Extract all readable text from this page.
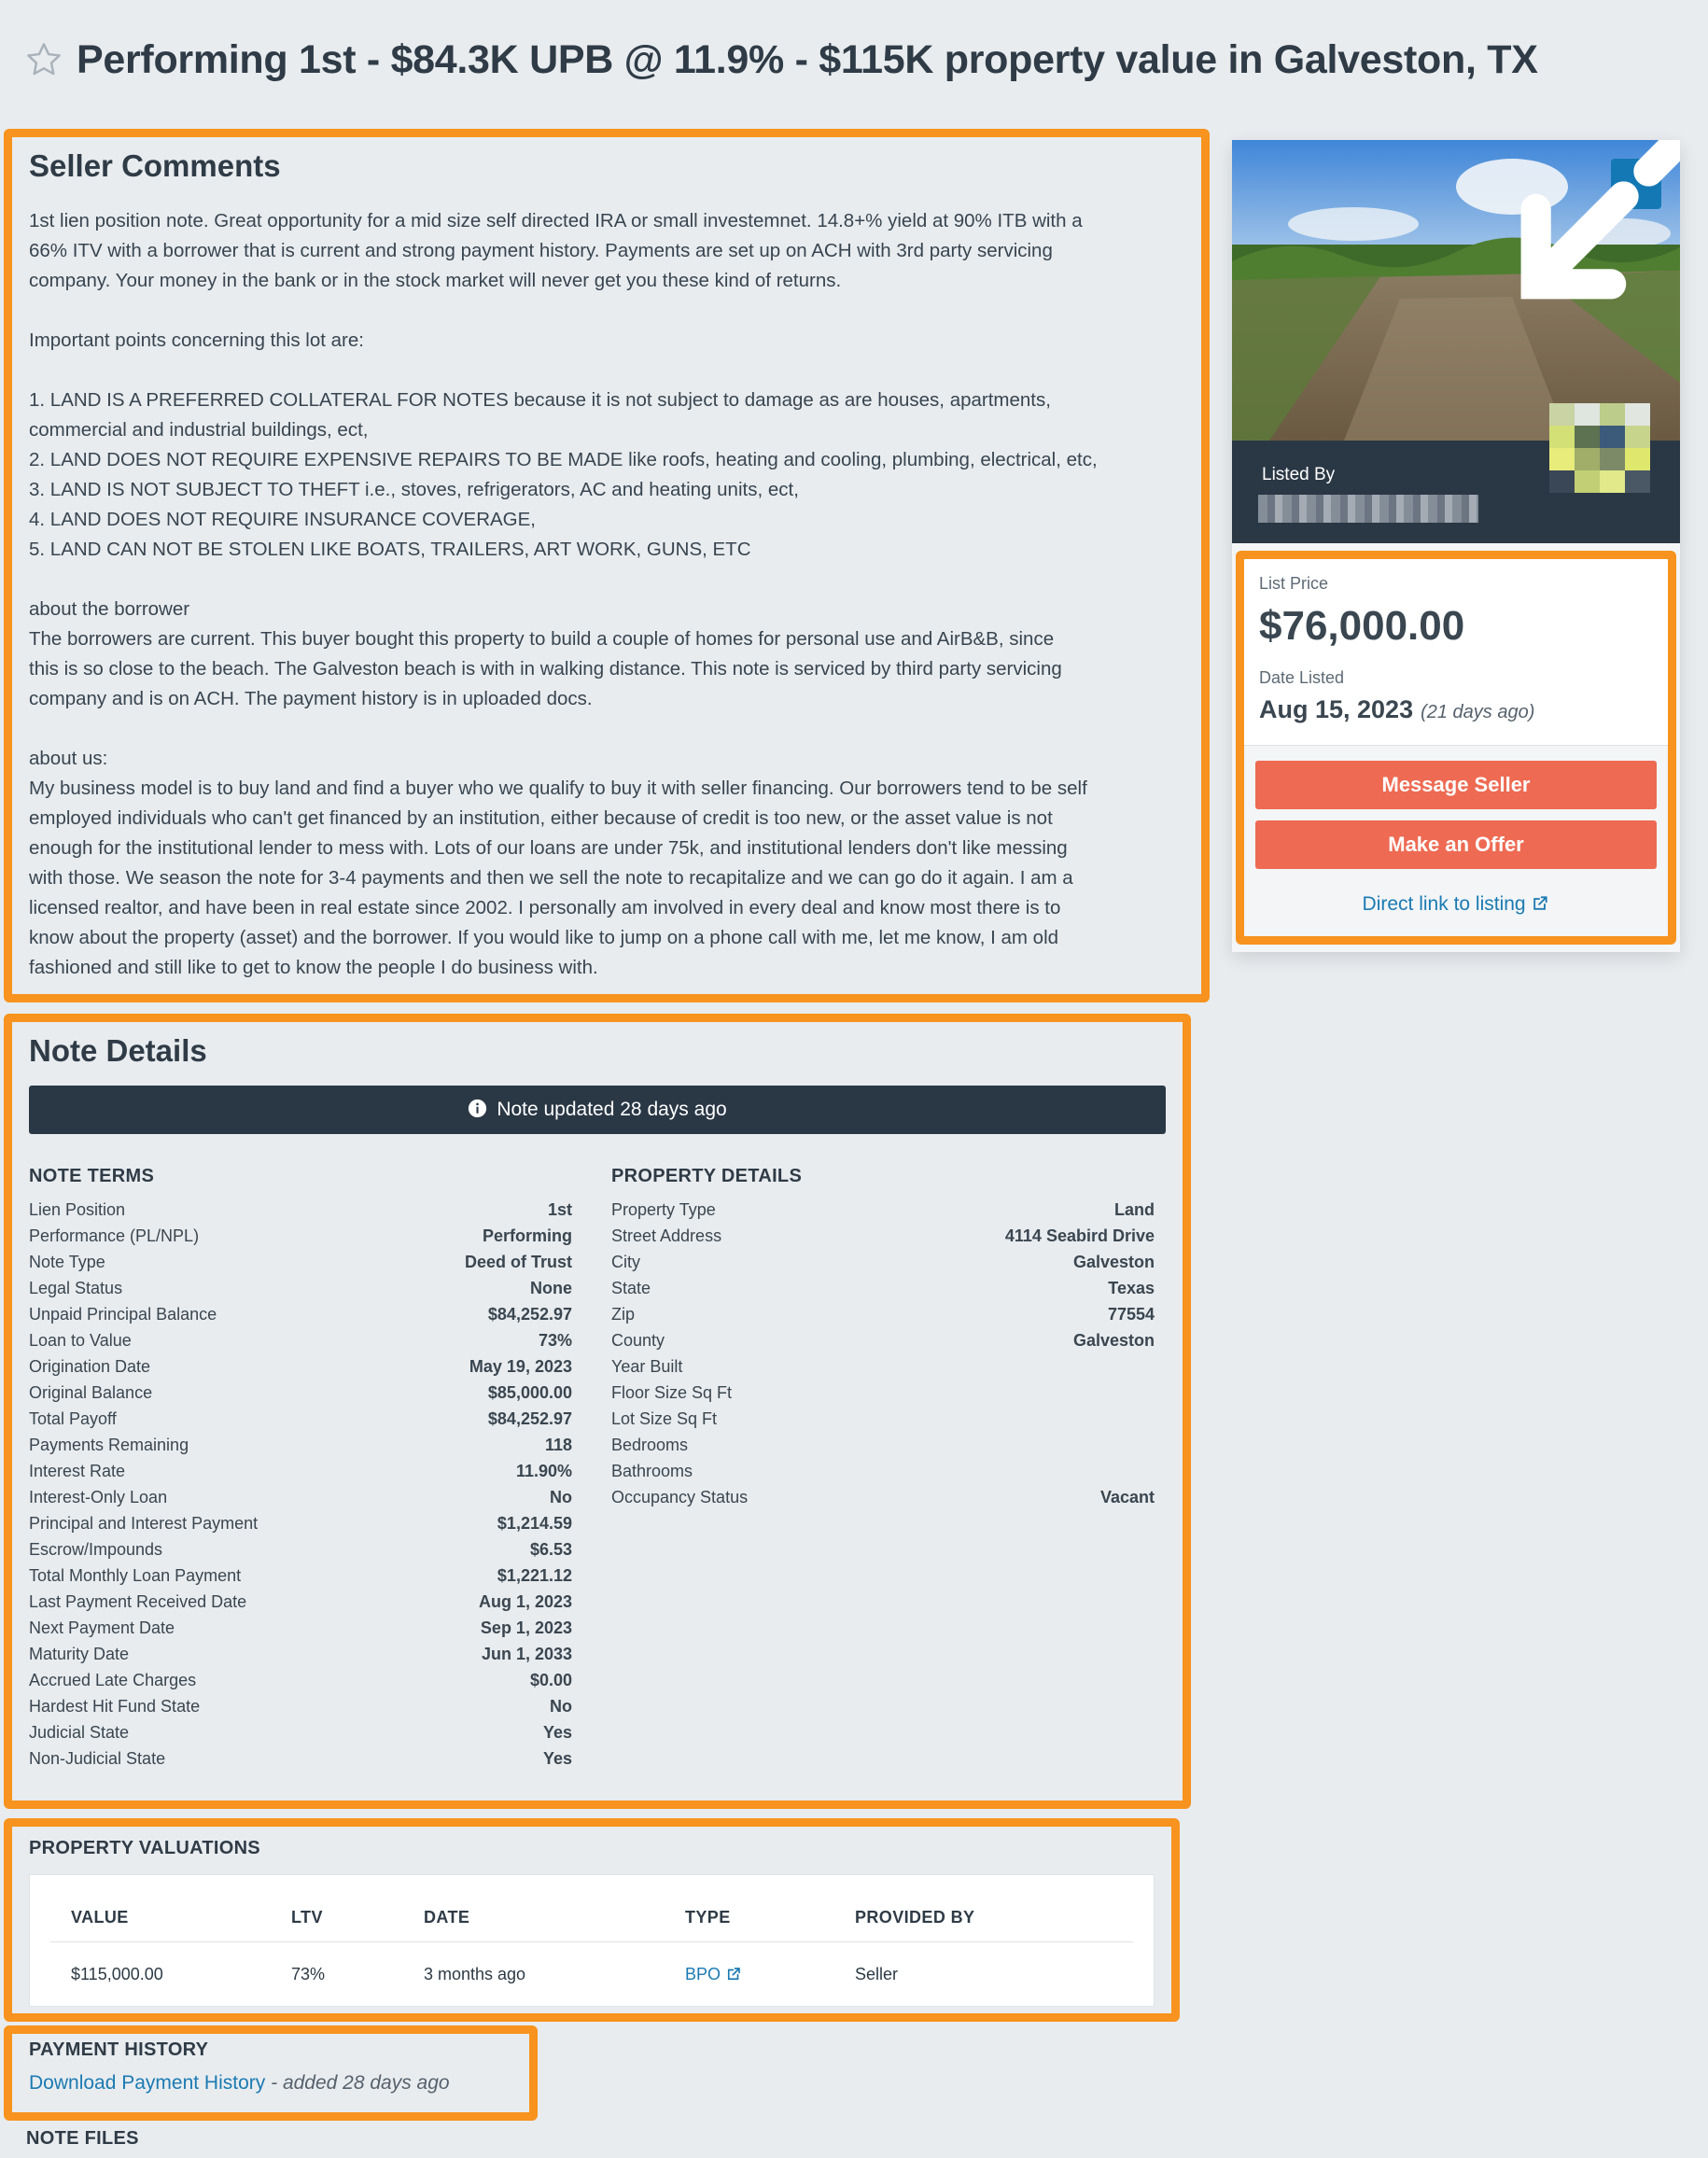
Performing 1st - $84.3K UPB @ 11.9% - $115K property value in Galveston, TX
Seller Comments
1st lien position note. Great opportunity for a mid size self directed IRA or small investemnet. 14.8+% yield at 90% ITB with a
66% ITV with a borrower that is current and strong payment history. Payments are set up on ACH with 3rd party servicing
company. Your money in the bank or in the stock market will never get you these kind of returns.

Important points concerning this lot are:

1. LAND IS A PREFERRED COLLATERAL FOR NOTES because it is not subject to damage as are houses, apartments,
commercial and industrial buildings, ect,
2. LAND DOES NOT REQUIRE EXPENSIVE REPAIRS TO BE MADE like roofs, heating and cooling, plumbing, electrical, etc,
3. LAND IS NOT SUBJECT TO THEFT i.e., stoves, refrigerators, AC and heating units, ect,
4. LAND DOES NOT REQUIRE INSURANCE COVERAGE,
5. LAND CAN NOT BE STOLEN LIKE BOATS, TRAILERS, ART WORK, GUNS, ETC

about the borrower
The borrowers are current. This buyer bought this property to build a couple of homes for personal use and AirB&B, since
this is so close to the beach. The Galveston beach is with in walking distance. This note is serviced by third party servicing
company and is on ACH. The payment history is in uploaded docs.

about us:
My business model is to buy land and find a buyer who we qualify to buy it with seller financing. Our borrowers tend to be self
employed individuals who can't get financed by an institution, either because of credit is too new, or the asset value is not
enough for the institutional lender to mess with. Lots of our loans are under 75k, and institutional lenders don't like messing
with those. We season the note for 3-4 payments and then we sell the note to recapitalize and we can go do it again. I am a
licensed realtor, and have been in real estate since 2002. I personally am involved in every deal and know most there is to
know about the property (asset) and the borrower. If you would like to jump on a phone call with me, let me know, I am old
fashioned and still like to get to know the people I do business with.
Listed By
List Price
$76,000.00
Date Listed
Aug 15, 2023 (21 days ago)
Message Seller
Make an Offer
Direct link to listing
Note Details
Note updated 28 days ago
NOTE TERMS
Lien Position	1st
Performance (PL/NPL)	Performing
Note Type	Deed of Trust
Legal Status	None
Unpaid Principal Balance	$84,252.97
Loan to Value	73%
Origination Date	May 19, 2023
Original Balance	$85,000.00
Total Payoff	$84,252.97
Payments Remaining	118
Interest Rate	11.90%
Interest-Only Loan	No
Principal and Interest Payment	$1,214.59
Escrow/Impounds	$6.53
Total Monthly Loan Payment	$1,221.12
Last Payment Received Date	Aug 1, 2023
Next Payment Date	Sep 1, 2023
Maturity Date	Jun 1, 2033
Accrued Late Charges	$0.00
Hardest Hit Fund State	No
Judicial State	Yes
Non-Judicial State	Yes
PROPERTY DETAILS
Property Type	Land
Street Address	4114 Seabird Drive
City	Galveston
State	Texas
Zip	77554
County	Galveston
Year Built
Floor Size Sq Ft
Lot Size Sq Ft
Bedrooms
Bathrooms
Occupancy Status	Vacant
PROPERTY VALUATIONS
VALUE	LTV	DATE	TYPE	PROVIDED BY
$115,000.00	73%	3 months ago	BPO	Seller
PAYMENT HISTORY
Download Payment History - added 28 days ago
NOTE FILES
